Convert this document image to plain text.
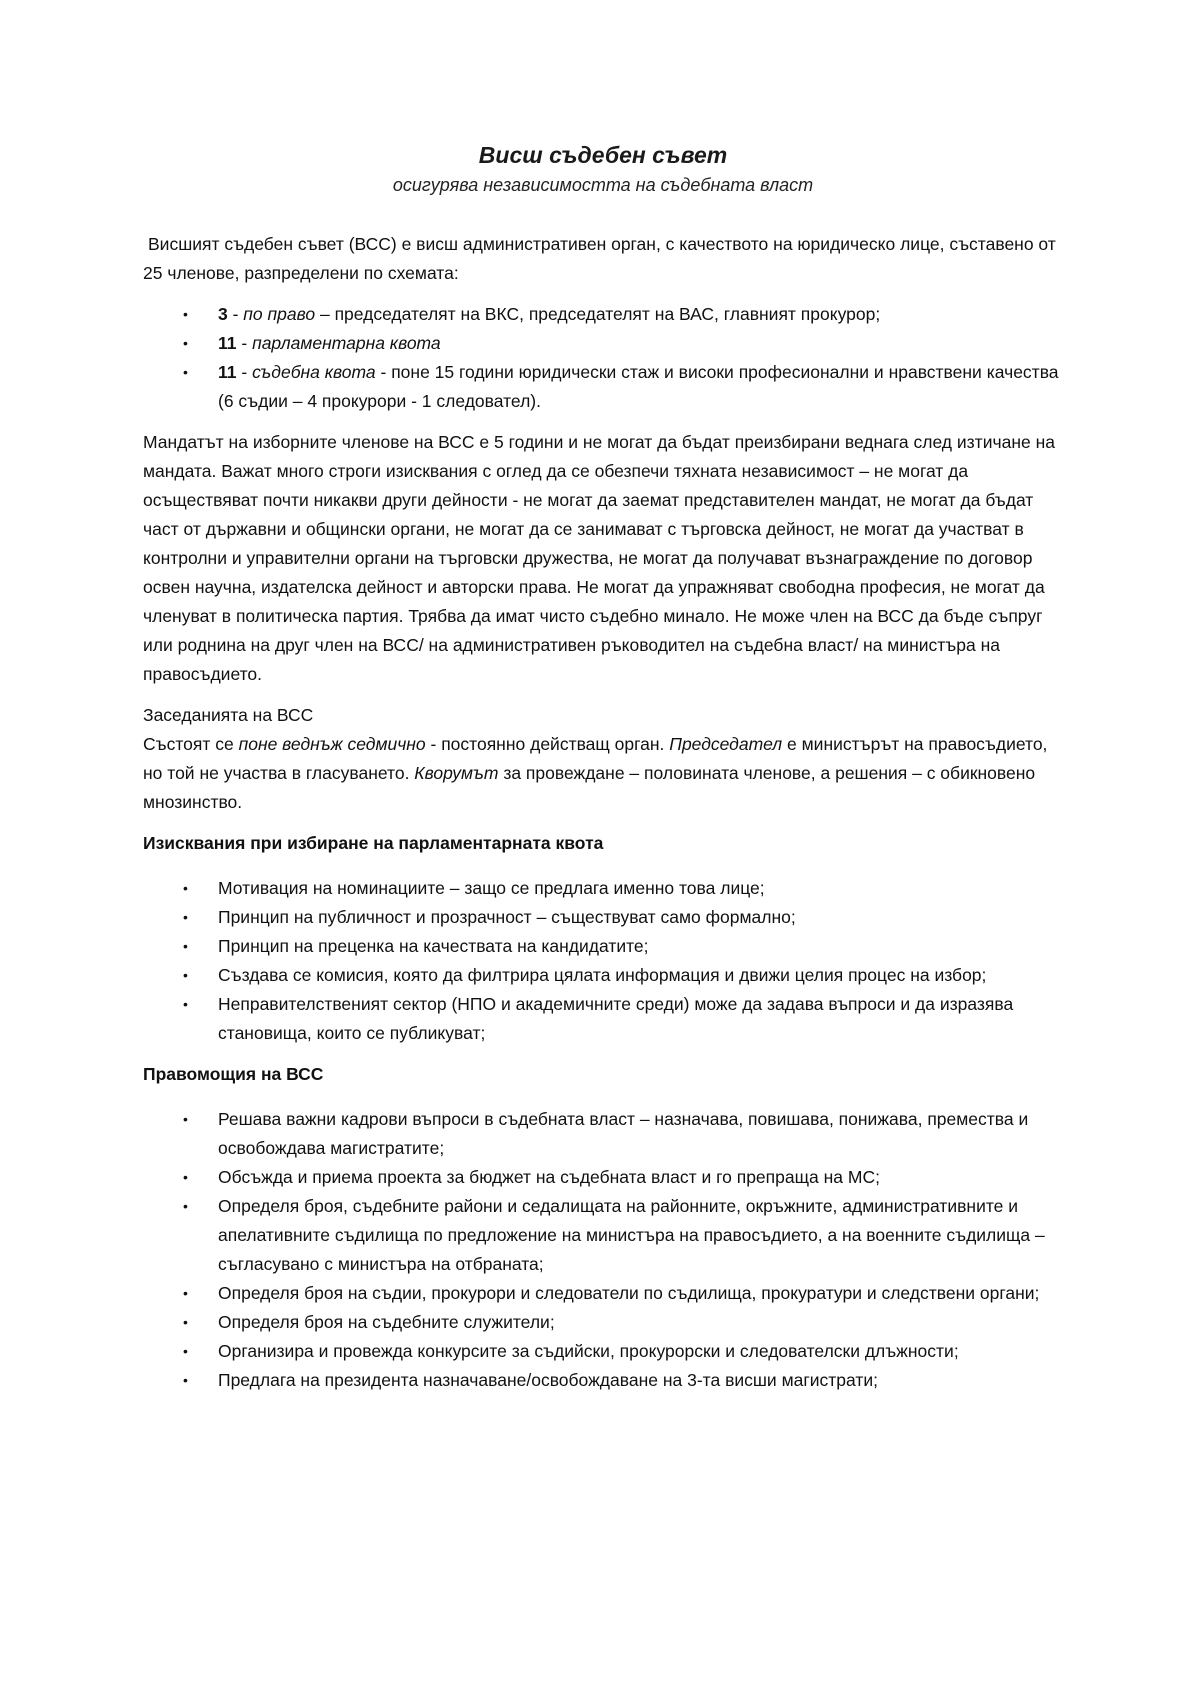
Висш съдебен съвет
осигурява независимостта на съдебната власт

Висшият съдебен съвет (ВСС) е висш административен орган, с качеството на юридическо лице, съставено от 25 членове, разпределени по схемата:

• 3 - по право – председателят на ВКС, председателят на ВАС, главният прокурор;
• 11 - парламентарна квота
• 11 - съдебна квота - поне 15 години юридически стаж и високи професионални и нравствени качества (6 съдии – 4 прокурори - 1 следовател).

Мандатът на изборните членове на ВСС е 5 години и не могат да бъдат преизбирани веднага след изтичане на мандата. Важат много строги изисквания с оглед да се обезпечи тяхната независимост – не могат да осъществяват почти никакви други дейности - не могат да заемат представителен мандат, не могат да бъдат част от държавни и общински органи, не могат да се занимават с търговска дейност, не могат да участват в контролни и управителни органи на търговски дружества, не могат да получават възнаграждение по договор освен научна, издателска дейност и авторски права. Не могат да упражняват свободна професия, не могат да членуват в политическа партия. Трябва да имат чисто съдебно минало. Не може член на ВСС да бъде съпруг или роднина на друг член на ВСС/ на административен ръководител на съдебна власт/ на министъра на правосъдието.

Заседанията на ВСС

Състоят се поне веднъж седмично - постоянно действащ орган. Председател е министърът на правосъдието, но той не участва в гласуването. Кворумът за провеждане – половината членове, а решения – с обикновено мнозинство.

Изисквания при избиране на парламентарната квота

• Мотивация на номинациите – защо се предлага именно това лице;
• Принцип на публичност и прозрачност – съществуват само формално;
• Принцип на преценка на качествата на кандидатите;
• Създава се комисия, която да филтрира цялата информация и движи целия процес на избор;
• Неправителственият сектор (НПО и академичните среди) може да задава въпроси и да изразява становища, които се публикуват;

Правомощия на ВСС

• Решава важни кадрови въпроси в съдебната власт – назначава, повишава, понижава, премества и освобождава магистратите;
• Обсъжда и приема проекта за бюджет на съдебната власт и го препраща на МС;
• Определя броя, съдебните райони и седалищата на районните, окръжните, административните и апелативните съдилища по предложение на министъра на правосъдието, а на военните съдилища – съгласувано с министъра на отбраната;
• Определя броя на съдии, прокурори и следователи по съдилища, прокуратури и следствени органи;
• Определя броя на съдебните служители;
• Организира и провежда конкурсите за съдийски, прокурорски и следователски длъжности;
• Предлага на президента назначаване/освобождаване на 3-та висши магистрати;
